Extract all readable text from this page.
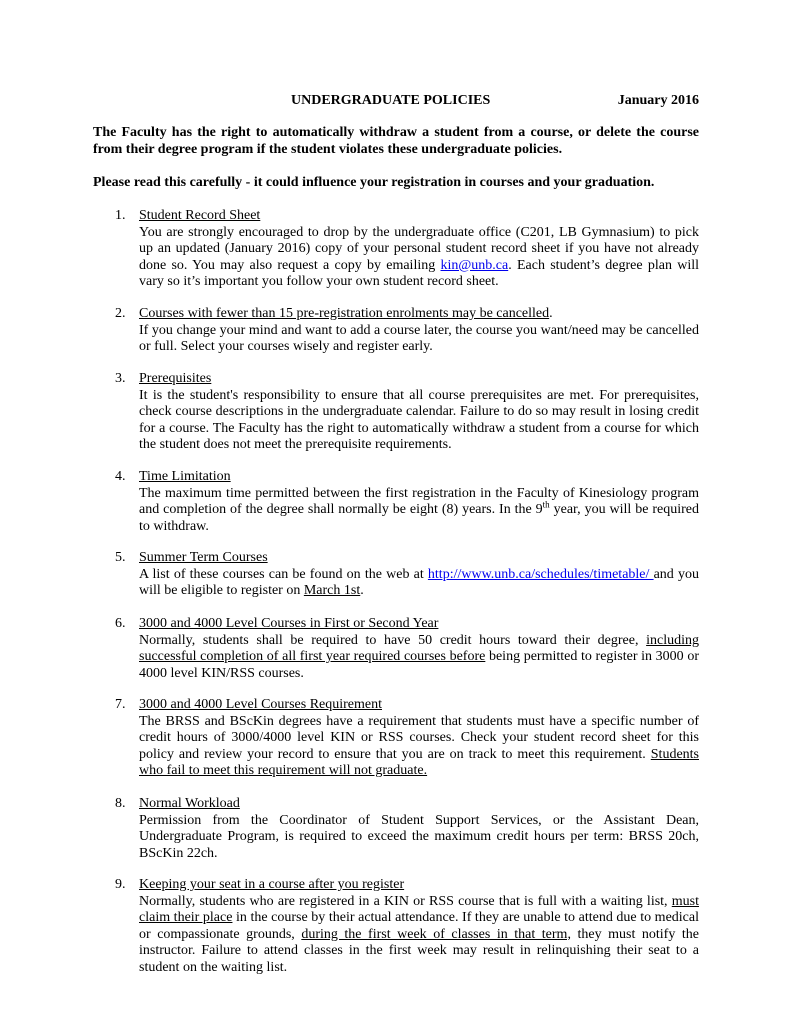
UNDERGRADUATE POLICIES	January 2016
The Faculty has the right to automatically withdraw a student from a course, or delete the course from their degree program if the student violates these undergraduate policies.
Please read this carefully - it could influence your registration in courses and your graduation.
1. Student Record Sheet
You are strongly encouraged to drop by the undergraduate office (C201, LB Gymnasium) to pick up an updated (January 2016) copy of your personal student record sheet if you have not already done so. You may also request a copy by emailing kin@unb.ca. Each student’s degree plan will vary so it’s important you follow your own student record sheet.
2. Courses with fewer than 15 pre-registration enrolments may be cancelled.
If you change your mind and want to add a course later, the course you want/need may be cancelled or full. Select your courses wisely and register early.
3. Prerequisites
It is the student's responsibility to ensure that all course prerequisites are met. For prerequisites, check course descriptions in the undergraduate calendar. Failure to do so may result in losing credit for a course. The Faculty has the right to automatically withdraw a student from a course for which the student does not meet the prerequisite requirements.
4. Time Limitation
The maximum time permitted between the first registration in the Faculty of Kinesiology program and completion of the degree shall normally be eight (8) years. In the 9th year, you will be required to withdraw.
5. Summer Term Courses
A list of these courses can be found on the web at http://www.unb.ca/schedules/timetable/ and you will be eligible to register on March 1st.
6. 3000 and 4000 Level Courses in First or Second Year
Normally, students shall be required to have 50 credit hours toward their degree, including successful completion of all first year required courses before being permitted to register in 3000 or 4000 level KIN/RSS courses.
7. 3000 and 4000 Level Courses Requirement
The BRSS and BScKin degrees have a requirement that students must have a specific number of credit hours of 3000/4000 level KIN or RSS courses. Check your student record sheet for this policy and review your record to ensure that you are on track to meet this requirement. Students who fail to meet this requirement will not graduate.
8. Normal Workload
Permission from the Coordinator of Student Support Services, or the Assistant Dean, Undergraduate Program, is required to exceed the maximum credit hours per term: BRSS 20ch, BScKin 22ch.
9. Keeping your seat in a course after you register
Normally, students who are registered in a KIN or RSS course that is full with a waiting list, must claim their place in the course by their actual attendance. If they are unable to attend due to medical or compassionate grounds, during the first week of classes in that term, they must notify the instructor. Failure to attend classes in the first week may result in relinquishing their seat to a student on the waiting list.
